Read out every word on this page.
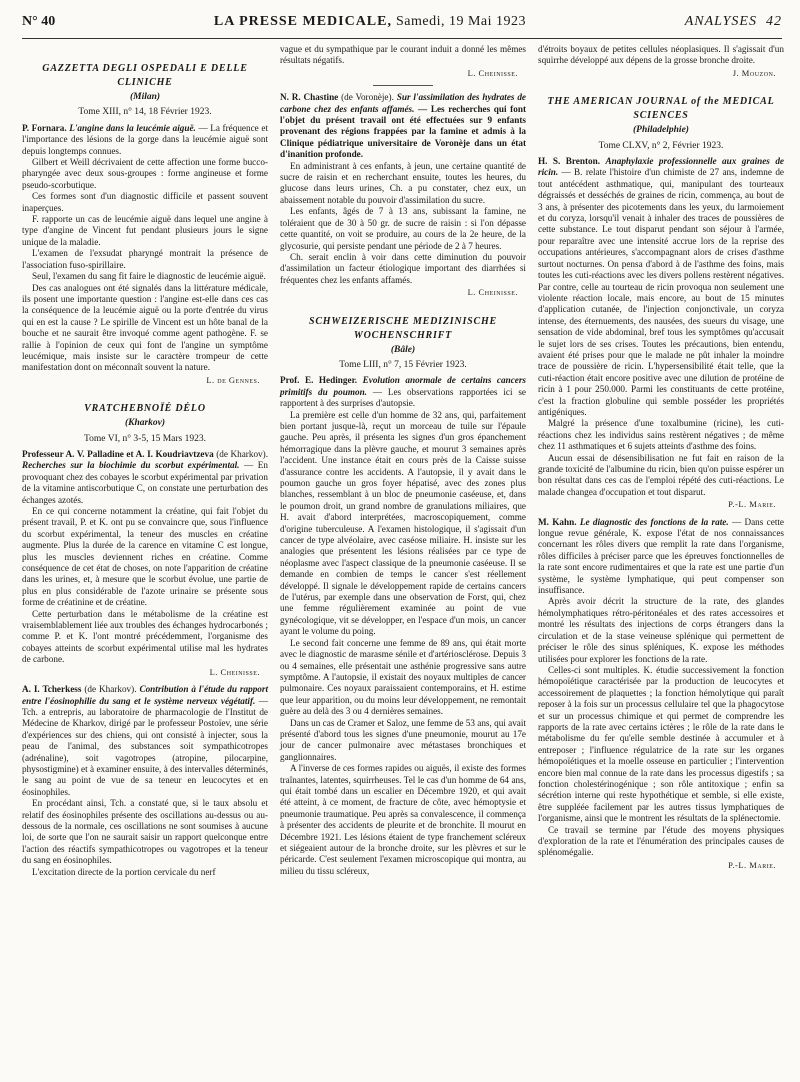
N° 40	LA PRESSE MEDICALE, Samedi, 19 Mai 1923	ANALYSES 42
GAZZETTA DEGLI OSPEDALI E DELLE CLINICHE
(Milan)
Tome XIII, n° 14, 18 Février 1923.

P. Fornara. L'angine dans la leucémie aiguë. — La fréquence et l'importance des lésions de la gorge dans la leucémie aiguë sont depuis longtemps connues.

Gilbert et Weill décrivaient de cette affection une forme bucco-pharyngée avec deux sous-groupes : forme angineuse et forme pseudo-scorbutique.

Ces formes sont d'un diagnostic difficile et passent souvent inaperçues.

F. rapporte un cas de leucémie aiguë dans lequel une angine à type d'angine de Vincent fut pendant plusieurs jours le signe unique de la maladie.

L'examen de l'exsudat pharyngé montrait la présence de l'association fuso-spirillaire.

Seul, l'examen du sang fit faire le diagnostic de leucémie aiguë.

Des cas analogues ont été signalés dans la littérature médicale, ils posent une importante question : l'angine est-elle dans ces cas la conséquence de la leucémie aiguë ou la porte d'entrée du virus qui en est la cause ? Le spirille de Vincent est un hôte banal de la bouche et ne saurait être invoqué comme agent pathogène. F. se rallie à l'opinion de ceux qui font de l'angine un symptôme leucémique, mais insiste sur le caractère trompeur de cette manifestation dont on méconnaît souvent la nature.

L. de Gennes.
VRATCHEBNOÏÉ DÉLO
(Kharkov)
Tome VI, n° 3-5, 15 Mars 1923.

Professeur A. V. Palladine et A. I. Koudriavtzeva (de Kharkov). Recherches sur la biochimie du scorbut expérimental. — En provoquant chez des cobayes le scorbut expérimental par privation de la vitamine antiscorbutique C, on constate une perturbation des échanges azotés.

En ce qui concerne notamment la créatine, qui fait l'objet du présent travail, P. et K. ont pu se convaincre que, sous l'influence du scorbut expérimental, la teneur des muscles en créatine augmente. Plus la durée de la carence en vitamine C est longue, plus les muscles deviennent riches en créatine. Comme conséquence de cet état de choses, on note l'apparition de créatine dans les urines, et, à mesure que le scorbut évolue, une partie de plus en plus considérable de l'azote urinaire se présente sous forme de créatinine et de créatine.

Cette perturbation dans le métabolisme de la créatine est vraisemblablement liée aux troubles des échanges hydrocarbonés ; comme P. et K. l'ont montré précédemment, l'organisme des cobayes atteints de scorbut expérimental utilise mal les hydrates de carbone.

L. Cheinisse.

A. I. Tcherkess (de Kharkov). Contribution à l'étude du rapport entre l'éosinophilie du sang et le système nerveux végétatif. — Tch. a entrepris, au laboratoire de pharmacologie de l'Institut de Médecine de Kharkov, dirigé par le professeur Postoïev, une série d'expériences sur des chiens, qui ont consisté à injecter, sous la peau de l'animal, des substances soit sympathicotropes (adrénaline), soit vagotropes (atropine, pilocarpine, physostigmine) et à examiner ensuite, à des intervalles déterminés, le sang au point de vue de sa teneur en leucocytes et en éosinophiles.

En procédant ainsi, Tch. a constaté que, si le taux absolu et relatif des éosinophiles présente des oscillations au-dessus ou au-dessous de la normale, ces oscillations ne sont soumises à aucune loi, de sorte que l'on ne saurait saisir un rapport quelconque entre l'action des réactifs sympathicotropes ou vagotropes et la teneur du sang en éosinophiles.

L'excitation directe de la portion cervicale du nerf

vague et du sympathique par le courant induit a donné les mêmes résultats négatifs.

L. Cheinisse.

N. R. Chastine (de Voronèje). Sur l'assimilation des hydrates de carbone chez des enfants affamés. — Les recherches qui font l'objet du présent travail ont été effectuées sur 9 enfants provenant des régions frappées par la famine et admis à la Clinique pédiatrique universitaire de Voronèje dans un état d'inanition profonde.

En administrant à ces enfants, à jeun, une certaine quantité de sucre de raisin et en recherchant ensuite, toutes les heures, du glucose dans leurs urines, Ch. a pu constater, chez eux, un abaissement notable du pouvoir d'assimilation du sucre.

Les enfants, âgés de 7 à 13 ans, subissant la famine, ne toléraient que de 30 à 50 gr. de sucre de raisin : si l'on dépasse cette quantité, on voit se produire, au cours de la 2e heure, de la glycosurie, qui persiste pendant une période de 2 à 7 heures.

Ch. serait enclin à voir dans cette diminution du pouvoir d'assimilation un facteur étiologique important des diarrhées si fréquentes chez les enfants affamés.

L. Cheinisse.
SCHWEIZERISCHE MEDIZINISCHE WOCHENSCHRIFT
(Bâle)
Tome LIII, n° 7, 15 Février 1923.

Prof. E. Hedinger. Evolution anormale de certains cancers primitifs du poumon. — Les observations rapportées ici se rapportent à des surprises d'autopsie.

La première est celle d'un homme de 32 ans, qui, parfaitement bien portant jusque-là, reçut un morceau de tuile sur l'épaule gauche. Peu après, il présenta les signes d'un gros épanchement hémorragique dans la plèvre gauche, et mourut 3 semaines après l'accident. Une instance était en cours près de la Caisse suisse d'assurance contre les accidents. A l'autopsie, il y avait dans le poumon gauche un gros foyer hépatisé, avec des zones plus blanches, ressemblant à un bloc de pneumonie caséeuse, et, dans le poumon droit, un grand nombre de granulations miliaires, que H. avait d'abord interprétées, macroscopiquement, comme d'origine tuberculeuse. A l'examen histologique, il s'agissait d'un cancer de type alvéolaire, avec caséose miliaire. H. insiste sur les analogies que présentent les lésions réalisées par ce type de néoplasme avec l'aspect classique de la pneumonie caséeuse. Il se demande en combien de temps le cancer s'est réellement développé. Il signale le développement rapide de certains cancers de l'utérus, par exemple dans une observation de Forst, qui, chez une femme régulièrement examinée au point de vue gynécologique, vit se développer, en l'espace d'un mois, un cancer ayant le volume du poing.

Le second fait concerne une femme de 89 ans, qui était morte avec le diagnostic de marasme sénile et d'artériosclérose. Depuis 3 ou 4 semaines, elle présentait une asthénie progressive sans autre symptôme. A l'autopsie, il existait des noyaux multiples de cancer pulmonaire. Ces noyaux paraissaient contemporains, et H. estime que leur apparition, ou du moins leur développement, ne remontait guère au delà des 3 ou 4 dernières semaines.

Dans un cas de Cramer et Saloz, une femme de 53 ans, qui avait présenté d'abord tous les signes d'une pneumonie, mourut au 17e jour de cancer pulmonaire avec métastases bronchiques et ganglionnaires.

A l'inverse de ces formes rapides ou aiguës, il existe des formes traînantes, latentes, squirrheuses. Tel le cas d'un homme de 64 ans, qui était tombé dans un escalier en Décembre 1920, et qui avait été atteint, à ce moment, de fracture de côte, avec hémoptysie et pneumonie traumatique. Peu après sa convalescence, il commença à présenter des accidents de pleurite et de bronchite. Il mourut en Décembre 1921. Les lésions étaient de type franchement scléreux et siégeaient autour de la bronche droite, sur les plèvres et sur le péricarde. C'est seulement l'examen microscopique qui montra, au milieu du tissu scléreux,

d'étroits boyaux de petites cellules néoplasiques. Il s'agissait d'un squirrhe développé aux dépens de la grosse bronche droite.

J. Mouzon.
THE AMERICAN JOURNAL of the MEDICAL SCIENCES
(Philadelphie)
Tome CLXV, n° 2, Février 1923.

H. S. Brenton. Anaphylaxie professionnelle aux graines de ricin. — B. relate l'histoire d'un chimiste de 27 ans, indemne de tout antécédent asthmatique, qui, manipulant des tourteaux dégraissés et desséchés de graines de ricin, commença, au bout de 3 ans, à présenter des picotements dans les yeux, du larmoiement et du coryza, lorsqu'il venait à inhaler des traces de poussières de cette substance. Le tout disparut pendant son séjour à l'armée, pour reparaître avec une intensité accrue lors de la reprise des occupations antérieures, s'accompagnant alors de crises d'asthme surtout nocturnes. On pensa d'abord à de l'asthme des foins, mais toutes les cuti-réactions avec les divers pollens restèrent négatives. Par contre, celle au tourteau de ricin provoqua non seulement une violente réaction locale, mais encore, au bout de 15 minutes d'application cutanée, de l'injection conjonctivale, un coryza intense, des éternuements, des nausées, des sueurs du visage, une sensation de vide abdominal, bref tous les symptômes qu'accusait le sujet lors de ses crises. Toutes les précautions, bien entendu, avaient été prises pour que le malade ne pût inhaler la moindre trace de poussière de ricin. L'hypersensibilité était telle, que la cuti-réaction était encore positive avec une dilution de protéine de ricin à 1 pour 250.000. Parmi les constituants de cette protéine, c'est la fraction globuline qui semble posséder les propriétés antigéniques.

Malgré la présence d'une toxalbumine (ricine), les cuti-réactions chez les individus sains restèrent négatives ; de même chez 11 asthmatiques et 6 sujets atteints d'asthme des foins.

Aucun essai de désensibilisation ne fut fait en raison de la grande toxicité de l'albumine du ricin, bien qu'on puisse espérer un bon résultat dans ces cas de l'emploi répété des cuti-réactions. Le malade changea d'occupation et tout disparut.

P.-L. Marie.

M. Kahn. Le diagnostic des fonctions de la rate. — Dans cette longue revue générale, K. expose l'état de nos connaissances concernant les rôles divers que remplit la rate dans l'organisme, rôles difficiles à préciser parce que les épreuves fonctionnelles de la rate sont encore rudimentaires et que la rate est une partie d'un système, le système lymphatique, qui peut compenser son insuffisance.

Après avoir décrit la structure de la rate, des glandes hémolymphatiques rétro-péritonéales et des rates accessoires et montré les résultats des injections de corps étrangers dans la circulation et de la stase veineuse splénique qui permettent de préciser le rôle des sinus spléniques, K. expose les méthodes utilisées pour explorer les fonctions de la rate.

Celles-ci sont multiples. K. étudie successivement la fonction hémopoïétique caractérisée par la production de leucocytes et accessoirement de plaquettes ; la fonction hémolytique qui paraît reposer à la fois sur un processus cellulaire tel que la phagocytose et sur un processus chimique et qui permet de comprendre les rapports de la rate avec certains ictères ; le rôle de la rate dans le métabolisme du fer qu'elle semble destinée à accumuler et à entreposer ; l'influence régulatrice de la rate sur les organes hémopoïétiques et la moelle osseuse en particulier ; l'intervention encore bien mal connue de la rate dans les processus digestifs ; sa fonction cholestérinogénique ; son rôle antitoxique ; enfin sa sécrétion interne qui reste hypothétique et semble, si elle existe, être suppléée facilement par les autres tissus lymphatiques de l'organisme, ainsi que le montrent les résultats de la splénectomie.

Ce travail se termine par l'étude des moyens physiques d'exploration de la rate et l'énumération des principales causes de splénomégalie.

P.-L. Marie.
